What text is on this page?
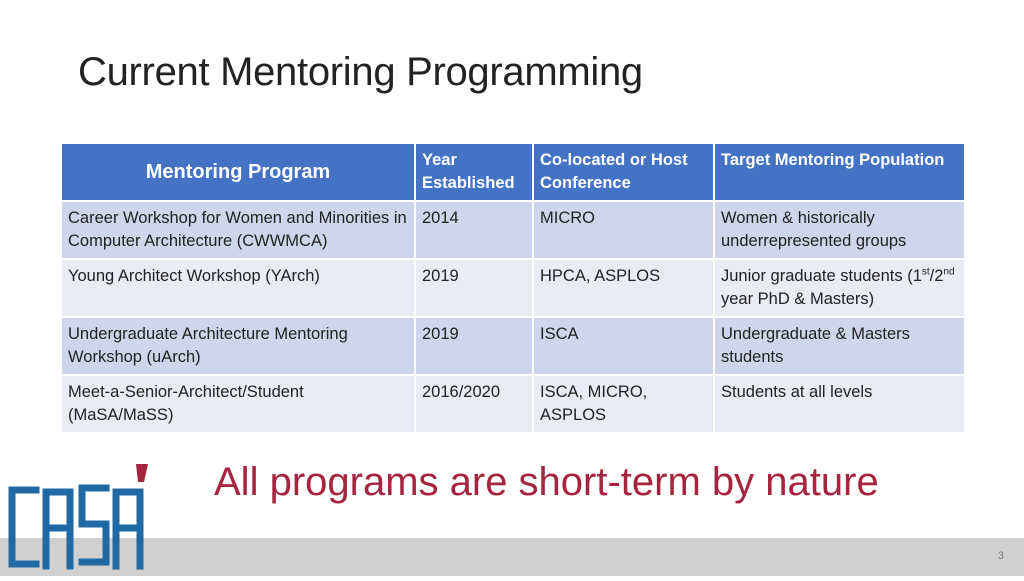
Current Mentoring Programming
Mentoring Program	Year Established	Co-located or Host Conference	Target Mentoring Population
Career Workshop for Women and Minorities in Computer Architecture (CWWMCA)	2014	MICRO	Women & historically underrepresented groups
Young Architect Workshop (YArch)	2019	HPCA, ASPLOS	Junior graduate students (1st/2nd year PhD & Masters)
Undergraduate Architecture Mentoring Workshop (uArch)	2019	ISCA	Undergraduate & Masters students
Meet-a-Senior-Architect/Student (MaSA/MaSS)	2016/2020	ISCA, MICRO, ASPLOS	Students at all levels
All programs are short-term by nature
3
